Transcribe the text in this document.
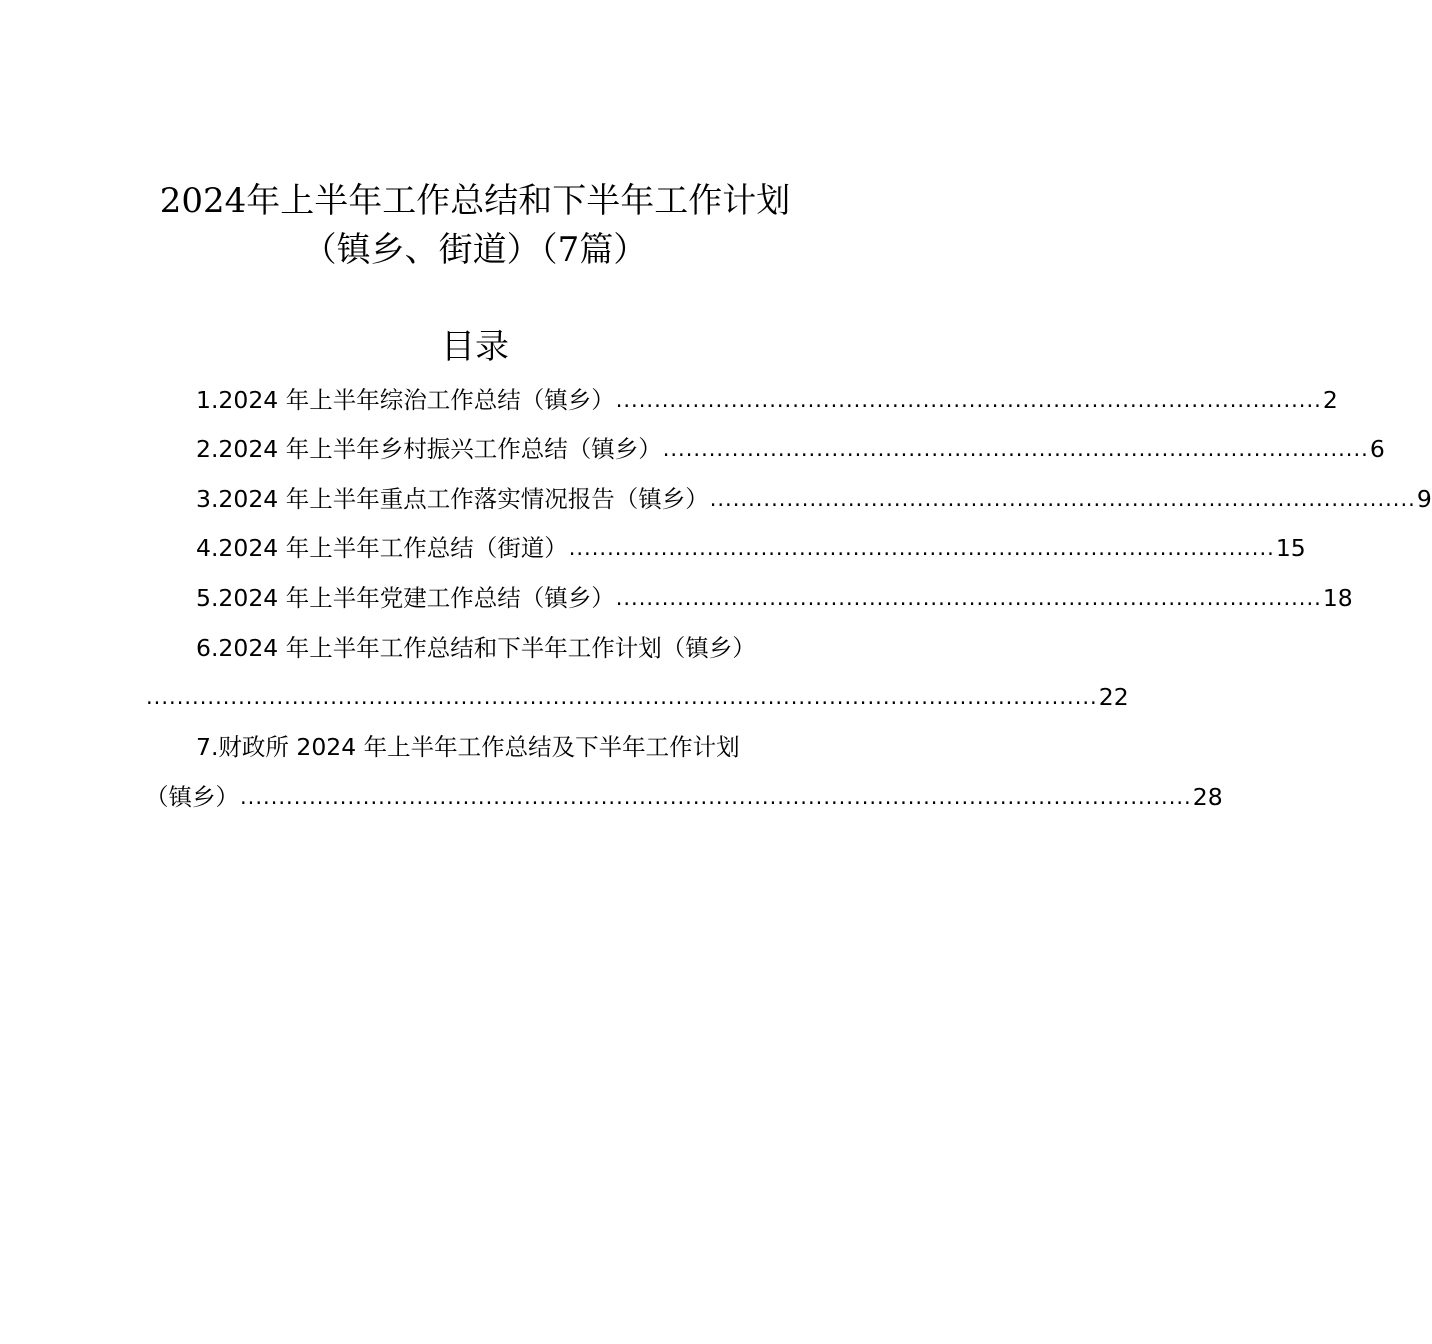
2024年上半年工作总结和下半年工作计划
（镇乡、街道）（7篇）
目录
1.2024 年上半年综治工作总结（镇乡） ............................................................................................ 2
2.2024 年上半年乡村振兴工作总结（镇乡） ............................................................................................ 6
3.2024 年上半年重点工作落实情况报告（镇乡） ............................................................................................ 9
4.2024 年上半年工作总结（街道） ............................................................................................ 15
5.2024 年上半年党建工作总结（镇乡） ............................................................................................ 18
6.2024 年上半年工作总结和下半年工作计划（镇乡）
............................................................................................................................ 22
7.财政所 2024 年上半年工作总结及下半年工作计划
（镇乡） ............................................................................................................................ 28
